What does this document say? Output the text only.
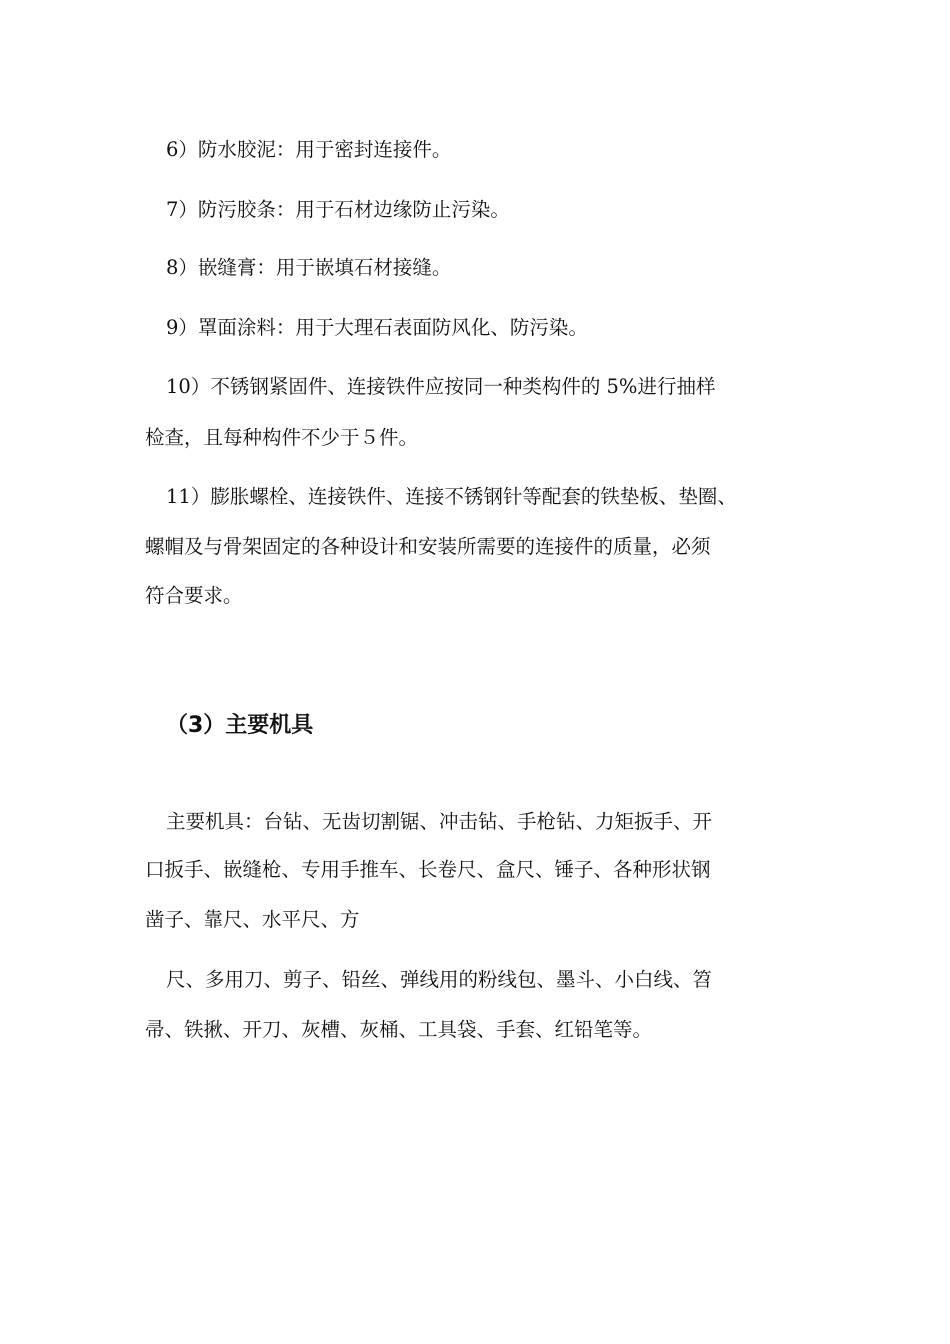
6）防水胶泥：用于密封连接件。
7）防污胶条：用于石材边缘防止污染。
8）嵌缝膏：用于嵌填石材接缝。
9）罩面涂料：用于大理石表面防风化、防污染。
10）不锈钢紧固件、连接铁件应按同一种类构件的 5%进行抽样
检查，且每种构件不少于５件。
11）膨胀螺栓、连接铁件、连接不锈钢针等配套的铁垫板、垫圈、
螺帽及与骨架固定的各种设计和安装所需要的连接件的质量，必须
符合要求。
（3）主要机具
主要机具：台钻、无齿切割锯、冲击钻、手枪钻、力矩扳手、开
口扳手、嵌缝枪、专用手推车、长卷尺、盒尺、锤子、各种形状钢
凿子、靠尺、水平尺、方
尺、多用刀、剪子、铅丝、弹线用的粉线包、墨斗、小白线、笤
帚、铁揪、开刀、灰槽、灰桶、工具袋、手套、红铅笔等。
